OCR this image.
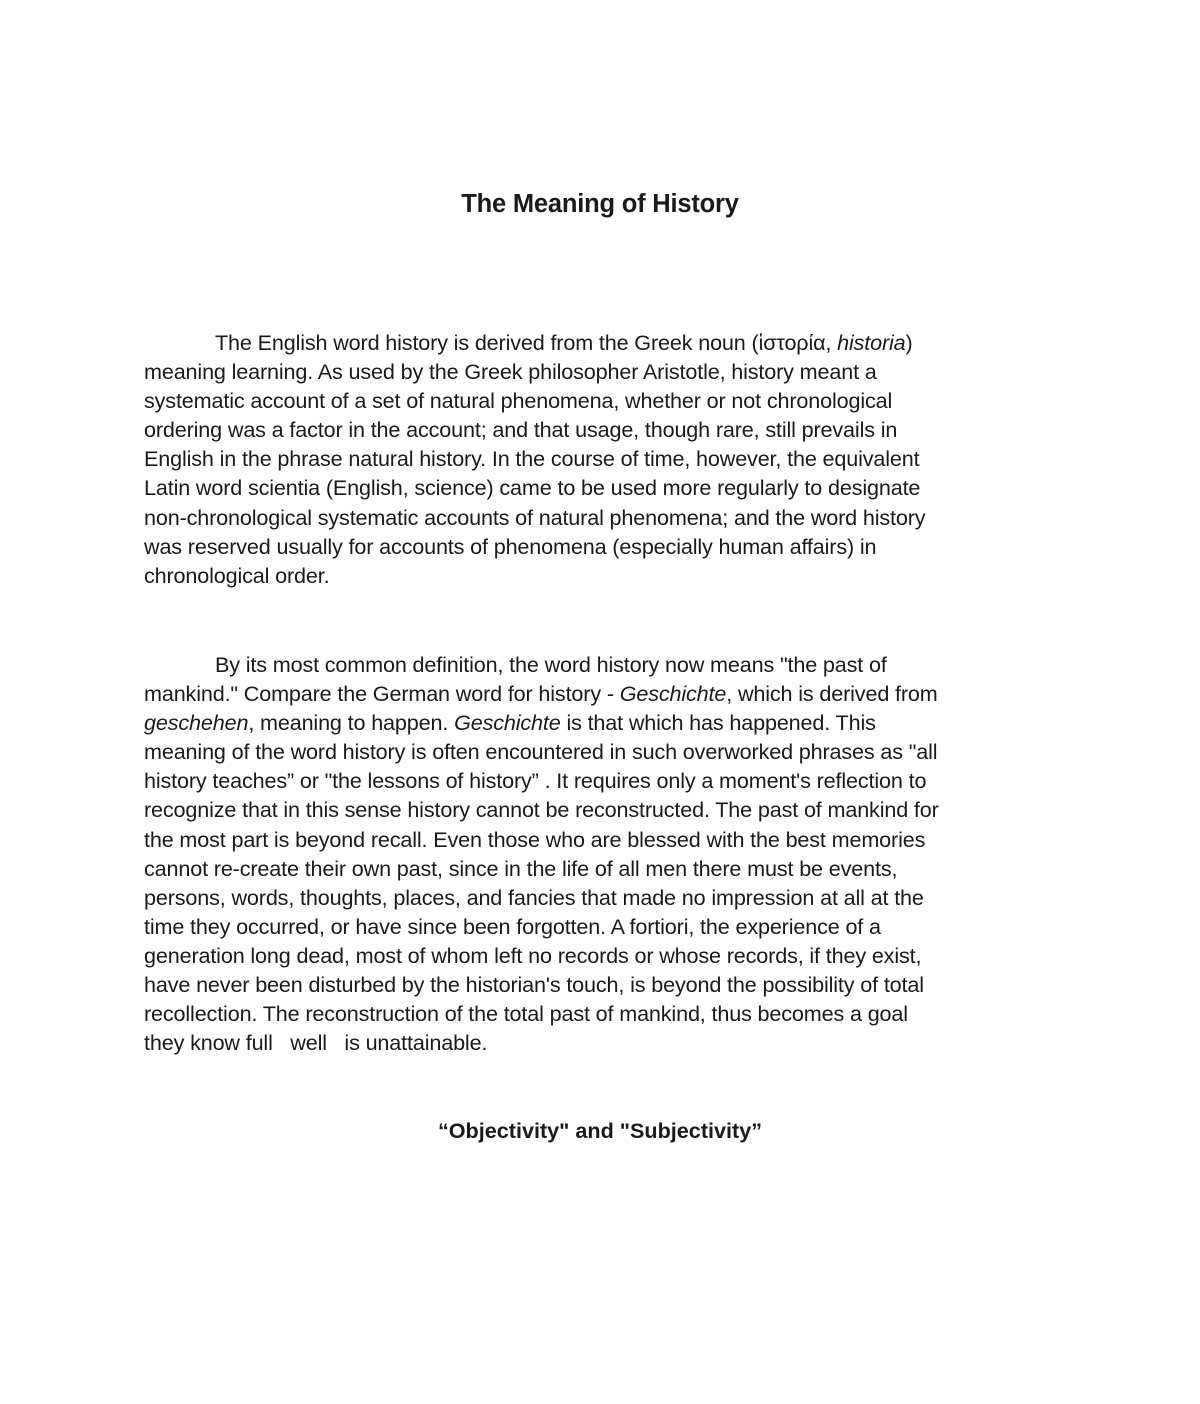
The Meaning of History
The English word history is derived from the Greek noun (ἱστορία, historia)
meaning learning. As used by the Greek philosopher Aristotle, history meant a
systematic account of a set of natural phenomena, whether or not chronological
ordering was a factor in the account; and that usage, though rare, still prevails in
English in the phrase natural history. In the course of time, however, the equivalent
Latin word scientia (English, science) came to be used more regularly to designate
non-chronological systematic accounts of natural phenomena; and the word history
was reserved usually for accounts of phenomena (especially human affairs) in
chronological order.
By its most common definition, the word history now means "the past of
mankind." Compare the German word for history - Geschichte, which is derived from
geschehen, meaning to happen. Geschichte is that which has happened. This
meaning of the word history is often encountered in such overworked phrases as "all
history teaches” or "the lessons of history” . It requires only a moment's reflection to
recognize that in this sense history cannot be reconstructed. The past of mankind for
the most part is beyond recall. Even those who are blessed with the best memories
cannot re-create their own past, since in the life of all men there must be events,
persons, words, thoughts, places, and fancies that made no impression at all at the
time they occurred, or have since been forgotten. A fortiori, the experience of a
generation long dead, most of whom left no records or whose records, if they exist,
have never been disturbed by the historian's touch, is beyond the possibility of total
recollection. The reconstruction of the total past of mankind, thus becomes a goal
they know full   well   is unattainable.
“Objectivity" and "Subjectivity”
